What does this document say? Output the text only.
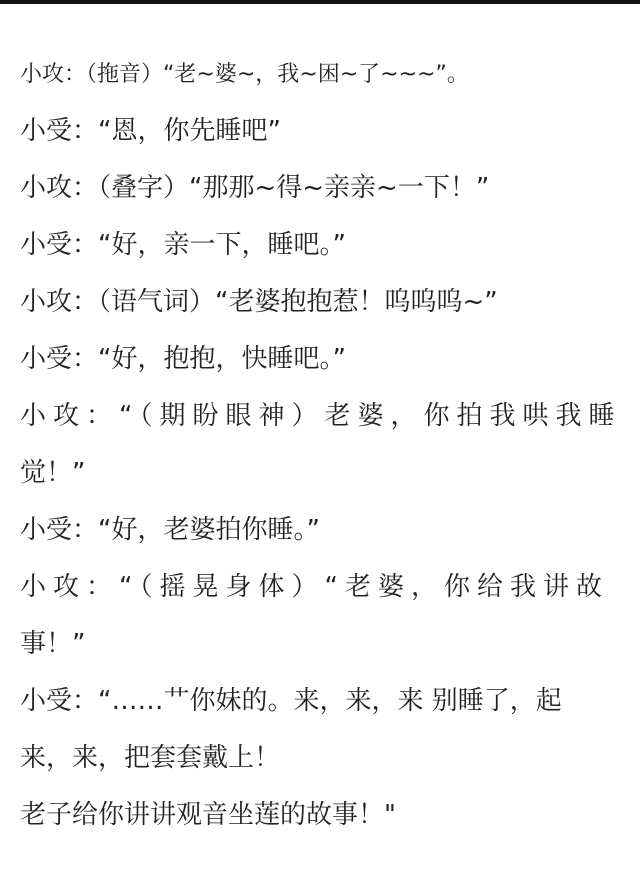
小攻：（拖音）“老~婆~，我~困~了~~~”。
小受：“恩，你先睡吧”
小攻：（叠字）“那那~得~亲亲~一下！”
小受：“好，亲一下，睡吧。”
小攻：（语气词）“老婆抱抱惹！呜呜呜~”
小受：“好，抱抱，快睡吧。”
小攻：“（期盼眼神）老婆，你拍我哄我睡
觉！”
小受：“好，老婆拍你睡。”
小攻：“（摇晃身体）“老婆，你给我讲故
事！”
小受：“……艹你妹的。来，来，来 别睡了，起
来，来，把套套戴上！
老子给你讲讲观音坐莲的故事！"
